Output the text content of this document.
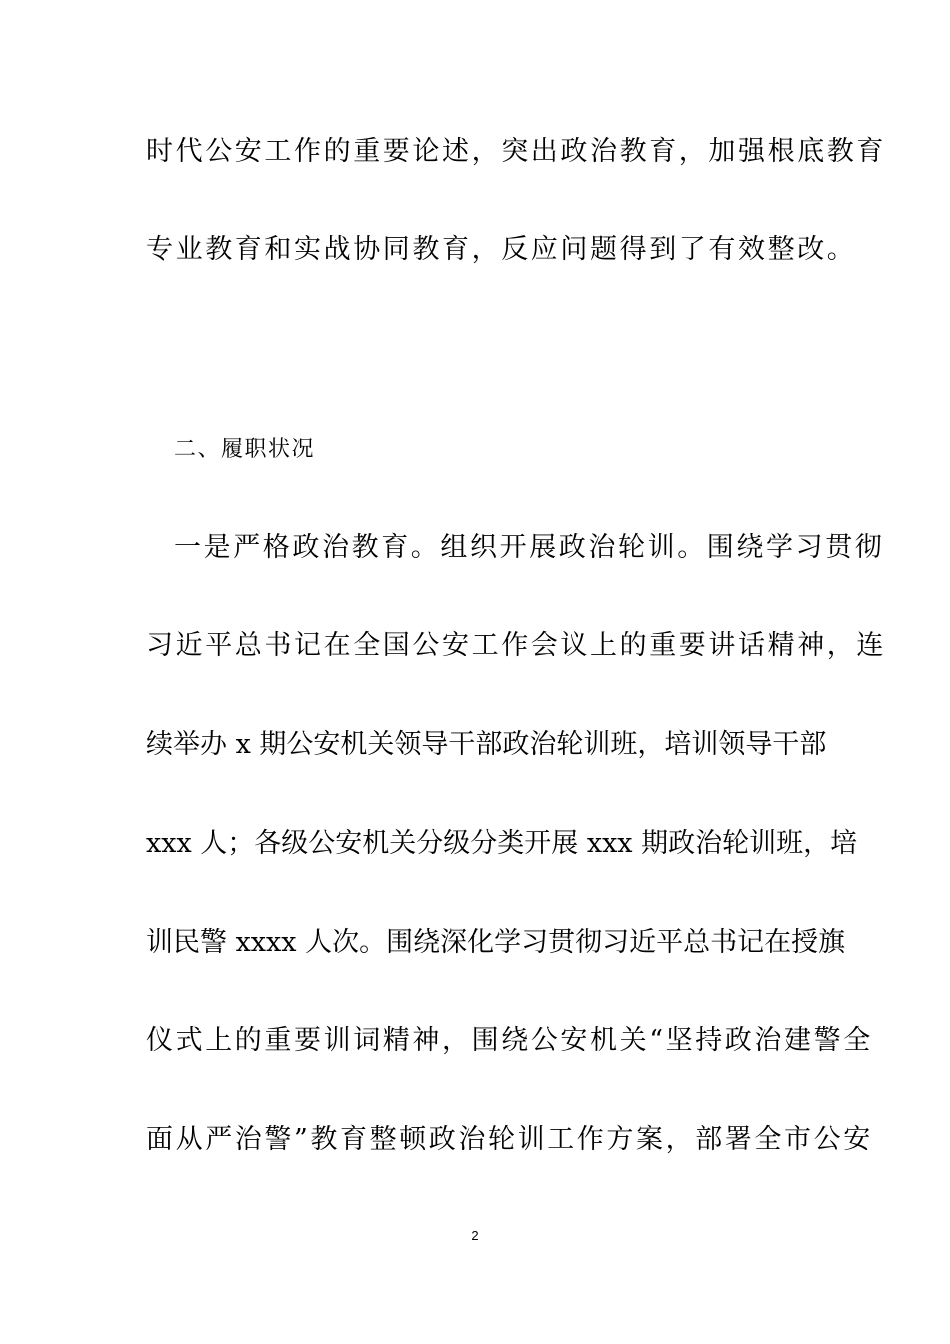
时代公安工作的重要论述，突出政治教育，加强根底教育
专业教育和实战协同教育，反应问题得到了有效整改。
二、履职状况
一是严格政治教育。组织开展政治轮训。围绕学习贯彻
习近平总书记在全国公安工作会议上的重要讲话精神，连
续举办 x 期公安机关领导干部政治轮训班，培训领导干部
xxx 人；各级公安机关分级分类开展 xxx 期政治轮训班，培
训民警 xxxx 人次。围绕深化学习贯彻习近平总书记在授旗
仪式上的重要训词精神，围绕公安机关“坚持政治建警全
面从严治警”教育整顿政治轮训工作方案，部署全市公安
2
